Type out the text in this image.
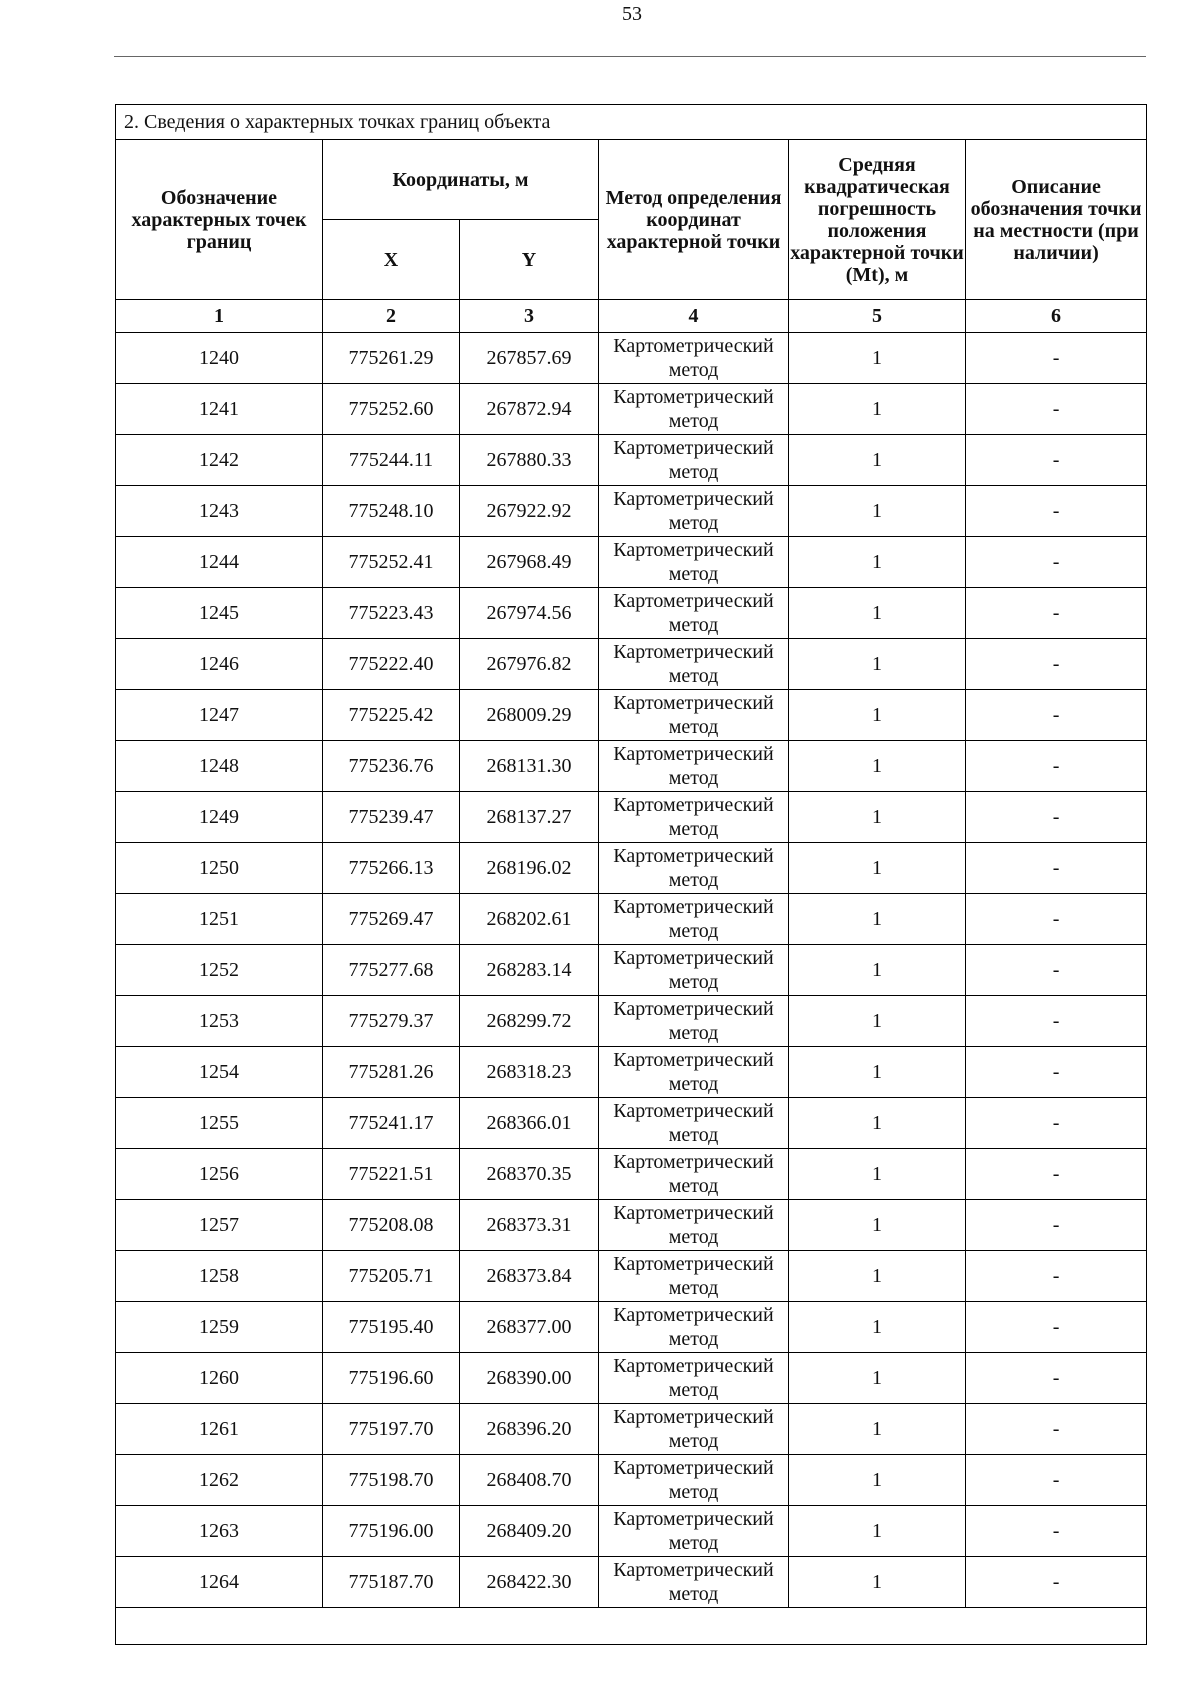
53
2. Сведения о характерных точках границ объекта					
Обозначение характерных точек границ	Координаты, м		Метод определения координат характерной точки	Средняя квадратическая погрешность положения характерной точки (Mt), м	Описание обозначения точки на местности (при наличии)
	X	Y			
1	2	3	4	5	6
1240	775261.29	267857.69	Картометрический метод	1	-
1241	775252.60	267872.94	Картометрический метод	1	-
1242	775244.11	267880.33	Картометрический метод	1	-
1243	775248.10	267922.92	Картометрический метод	1	-
1244	775252.41	267968.49	Картометрический метод	1	-
1245	775223.43	267974.56	Картометрический метод	1	-
1246	775222.40	267976.82	Картометрический метод	1	-
1247	775225.42	268009.29	Картометрический метод	1	-
1248	775236.76	268131.30	Картометрический метод	1	-
1249	775239.47	268137.27	Картометрический метод	1	-
1250	775266.13	268196.02	Картометрический метод	1	-
1251	775269.47	268202.61	Картометрический метод	1	-
1252	775277.68	268283.14	Картометрический метод	1	-
1253	775279.37	268299.72	Картометрический метод	1	-
1254	775281.26	268318.23	Картометрический метод	1	-
1255	775241.17	268366.01	Картометрический метод	1	-
1256	775221.51	268370.35	Картометрический метод	1	-
1257	775208.08	268373.31	Картометрический метод	1	-
1258	775205.71	268373.84	Картометрический метод	1	-
1259	775195.40	268377.00	Картометрический метод	1	-
1260	775196.60	268390.00	Картометрический метод	1	-
1261	775197.70	268396.20	Картометрический метод	1	-
1262	775198.70	268408.70	Картометрический метод	1	-
1263	775196.00	268409.20	Картометрический метод	1	-
1264	775187.70	268422.30	Картометрический метод	1	-
